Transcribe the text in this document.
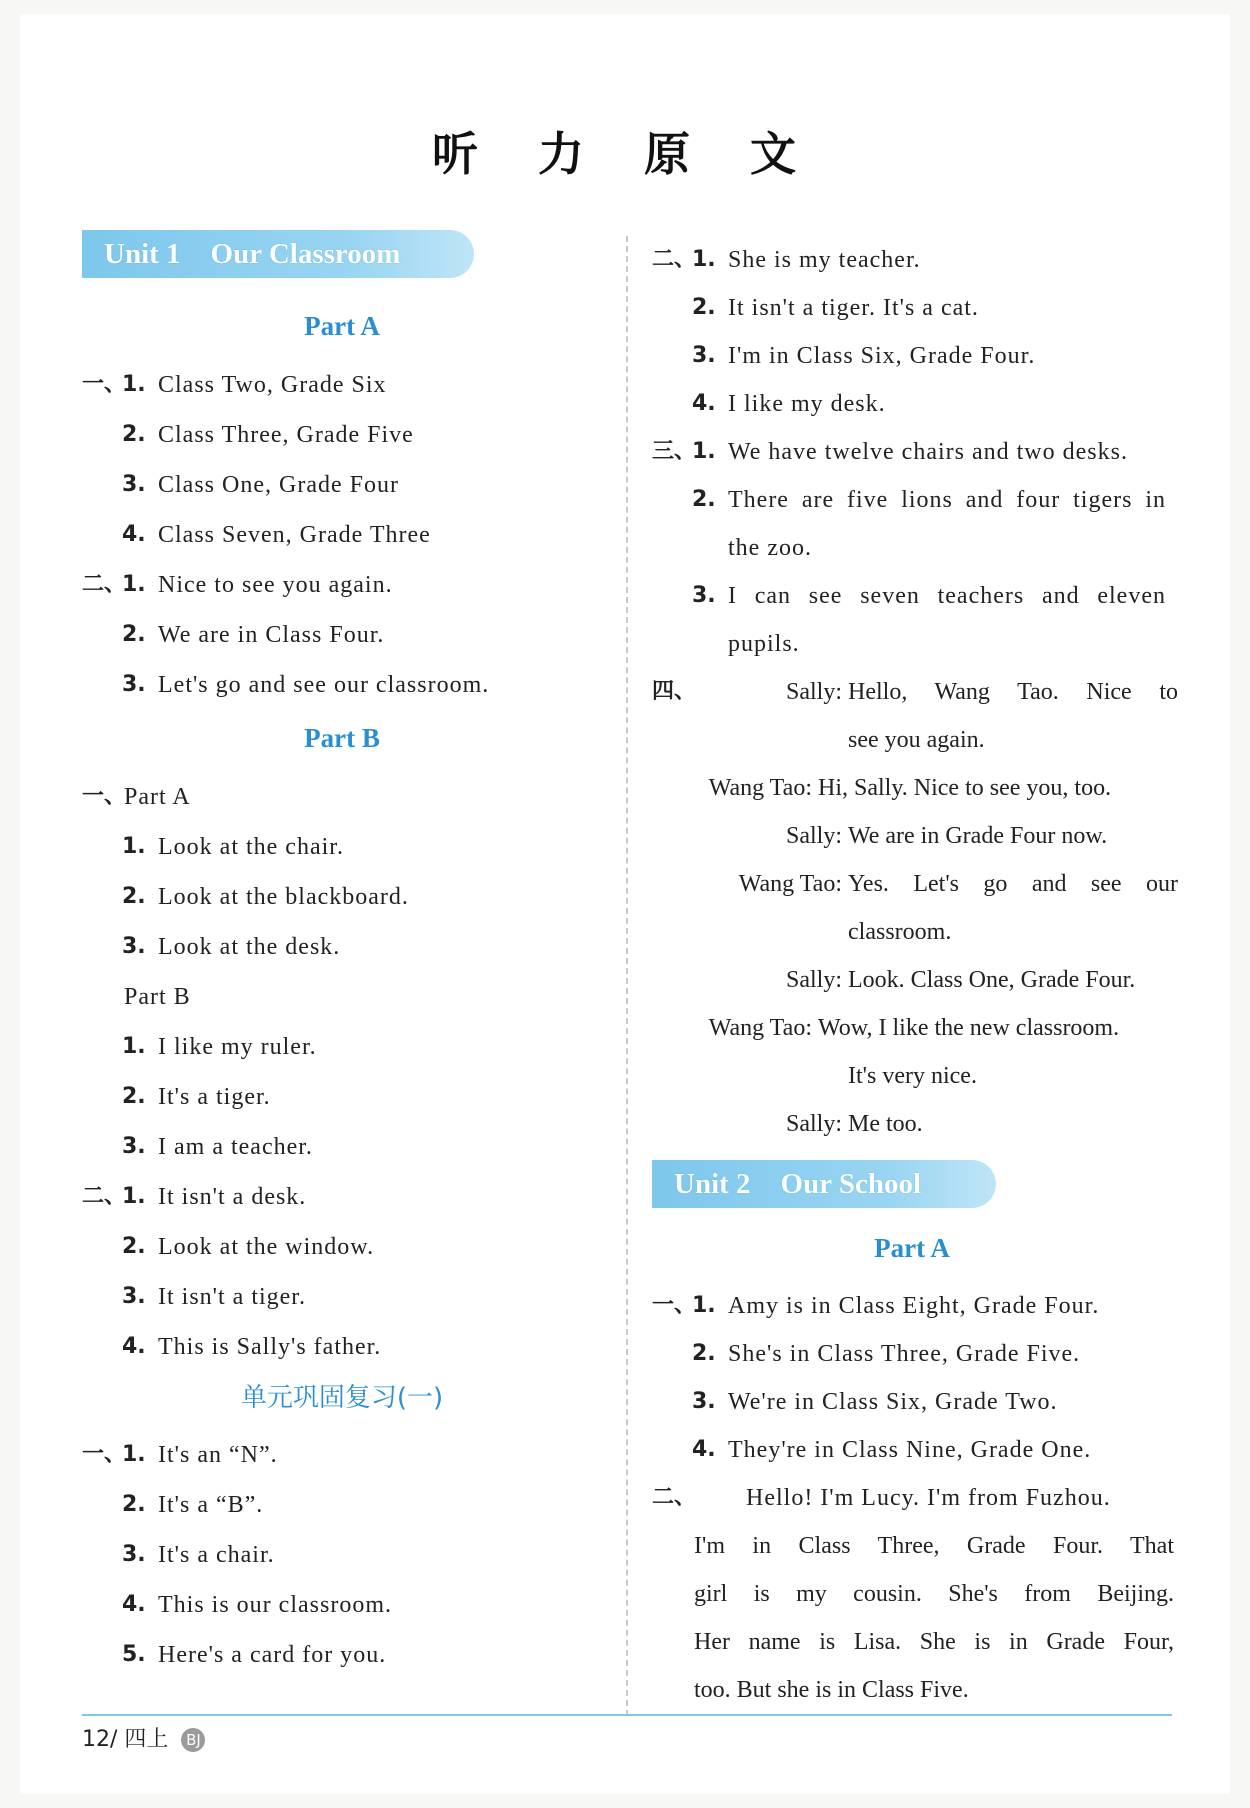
听 力 原 文
Unit 1 Our Classroom
Part A
一、
1. Class Two, Grade Six
2. Class Three, Grade Five
3. Class One, Grade Four
4. Class Seven, Grade Three
二、
1. Nice to see you again.
2. We are in Class Four.
3. Let's go and see our classroom.
Part B
一、
Part A
1. Look at the chair.
2. Look at the blackboard.
3. Look at the desk.
Part B
1. I like my ruler.
2. It's a tiger.
3. I am a teacher.
二、
1. It isn't a desk.
2. Look at the window.
3. It isn't a tiger.
4. This is Sally's father.
单元巩固复习(一)
一、
1. It's an “N”.
2. It's a “B”.
3. It's a chair.
4. This is our classroom.
5. Here's a card for you.
二、
1. She is my teacher.
2. It isn't a tiger. It's a cat.
3. I'm in Class Six, Grade Four.
4. I like my desk.
三、
1. We have twelve chairs and two desks.
2. There are five lions and four tigers in
the zoo.
3. I can see seven teachers and eleven
pupils.
四、	Sally: Hello, Wang Tao. Nice to
see you again.
Wang Tao: Hi, Sally. Nice to see you, too.
Sally: We are in Grade Four now.
Wang Tao: Yes. Let's go and see our
classroom.
Sally: Look. Class One, Grade Four.
Wang Tao: Wow, I like the new classroom.
It's very nice.
Sally: Me too.
Unit 2 Our School
Part A
一、
1. Amy is in Class Eight, Grade Four.
2. She's in Class Three, Grade Five.
3. We're in Class Six, Grade Two.
4. They're in Class Nine, Grade One.
二、 Hello! I'm Lucy. I'm from Fuzhou.
I'm in Class Three, Grade Four. That
girl is my cousin. She's from Beijing.
Her name is Lisa. She is in Grade Four,
too. But she is in Class Five.
12/ 四上 BJ
